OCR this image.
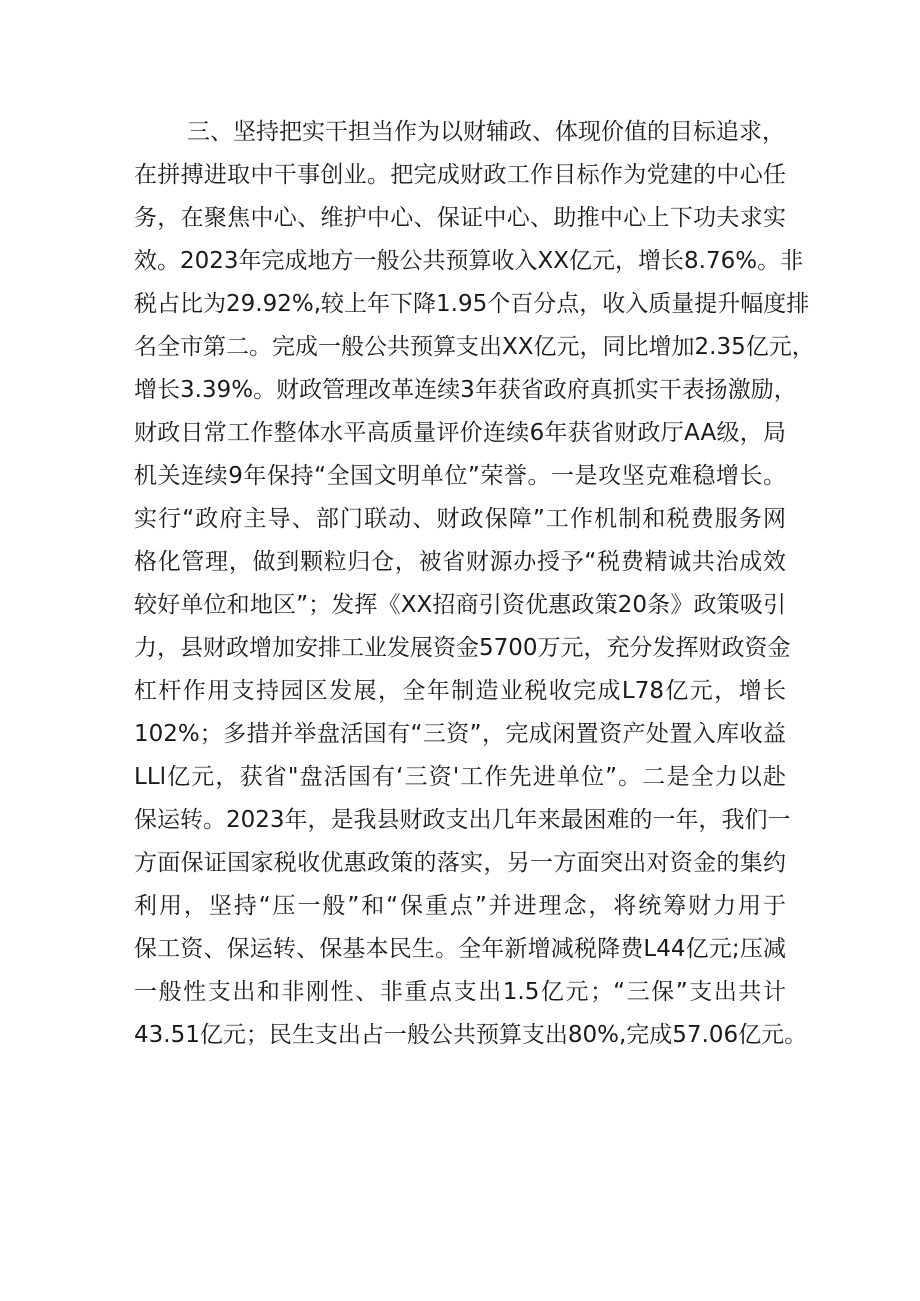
三、坚持把实干担当作为以财辅政、体现价值的目标追求，
在拼搏进取中干事创业。把完成财政工作目标作为党建的中心任
务，在聚焦中心、维护中心、保证中心、助推中心上下功夫求实
效。2023年完成地方一般公共预算收入XX亿元，增长8.76%。非
税占比为29.92%,较上年下降1.95个百分点，收入质量提升幅度排
名全市第二。完成一般公共预算支出XX亿元，同比增加2.35亿元，
增长3.39%。财政管理改革连续3年获省政府真抓实干表扬激励，
财政日常工作整体水平高质量评价连续6年获省财政厅AA级，局
机关连续9年保持“全国文明单位”荣誉。一是攻坚克难稳增长。
实行“政府主导、部门联动、财政保障”工作机制和税费服务网
格化管理，做到颗粒归仓，被省财源办授予“税费精诚共治成效
较好单位和地区”；发挥《XX招商引资优惠政策20条》政策吸引
力，县财政增加安排工业发展资金5700万元，充分发挥财政资金
杠杆作用支持园区发展，全年制造业税收完成L78亿元，增长
102%；多措并举盘活国有“三资”，完成闲置资产处置入库收益
LLl亿元，获省"盘活国有‘三资'工作先进单位”。二是全力以赴
保运转。2023年，是我县财政支出几年来最困难的一年，我们一
方面保证国家税收优惠政策的落实，另一方面突出对资金的集约
利用，坚持“压一般”和“保重点”并进理念，将统筹财力用于
保工资、保运转、保基本民生。全年新增减税降费L44亿元;压减
一般性支出和非刚性、非重点支出1.5亿元；“三保”支出共计
43.51亿元；民生支出占一般公共预算支出80%,完成57.06亿元。
